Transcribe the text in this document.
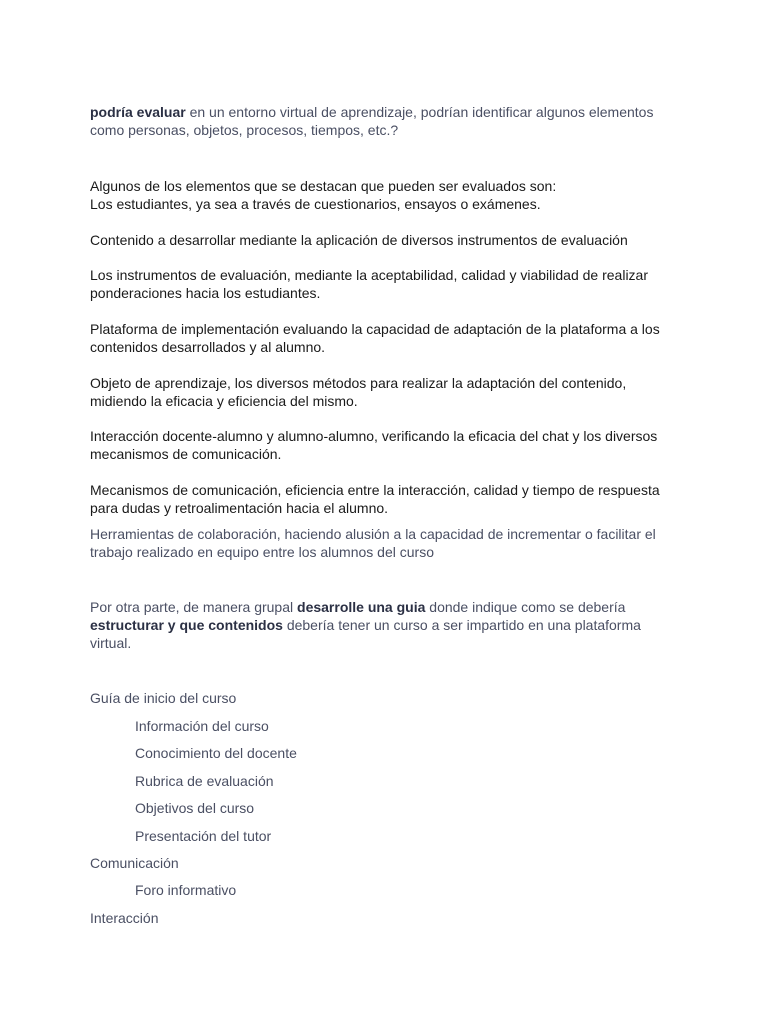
podría evaluar en un entorno virtual de aprendizaje, podrían identificar algunos elementos como personas, objetos, procesos, tiempos, etc.?

Algunos de los elementos que se destacan que pueden ser evaluados son:

Los estudiantes, ya sea a través de cuestionarios, ensayos o exámenes.

Contenido a desarrollar mediante la aplicación de diversos instrumentos de evaluación

Los instrumentos de evaluación, mediante la aceptabilidad, calidad y viabilidad de realizar ponderaciones hacia los estudiantes.

Plataforma de implementación evaluando la capacidad de adaptación de la plataforma a los contenidos desarrollados y al alumno.

Objeto de aprendizaje, los diversos métodos para realizar la adaptación del contenido, midiendo la eficacia y eficiencia del mismo.

Interacción docente-alumno y alumno-alumno, verificando la eficacia del chat y los diversos mecanismos de comunicación.

Mecanismos de comunicación, eficiencia entre la interacción, calidad y tiempo de respuesta para dudas y retroalimentación hacia el alumno.

Herramientas de colaboración, haciendo alusión a la capacidad de incrementar o facilitar el trabajo realizado en equipo entre los alumnos del curso

Por otra parte, de manera grupal desarrolle una guia donde indique como se debería estructurar y que contenidos debería tener un curso a ser impartido en una plataforma virtual.

Guía de inicio del curso

Información del curso

Conocimiento del docente

Rubrica de evaluación

Objetivos del curso

Presentación del tutor

Comunicación

Foro informativo

Interacción
